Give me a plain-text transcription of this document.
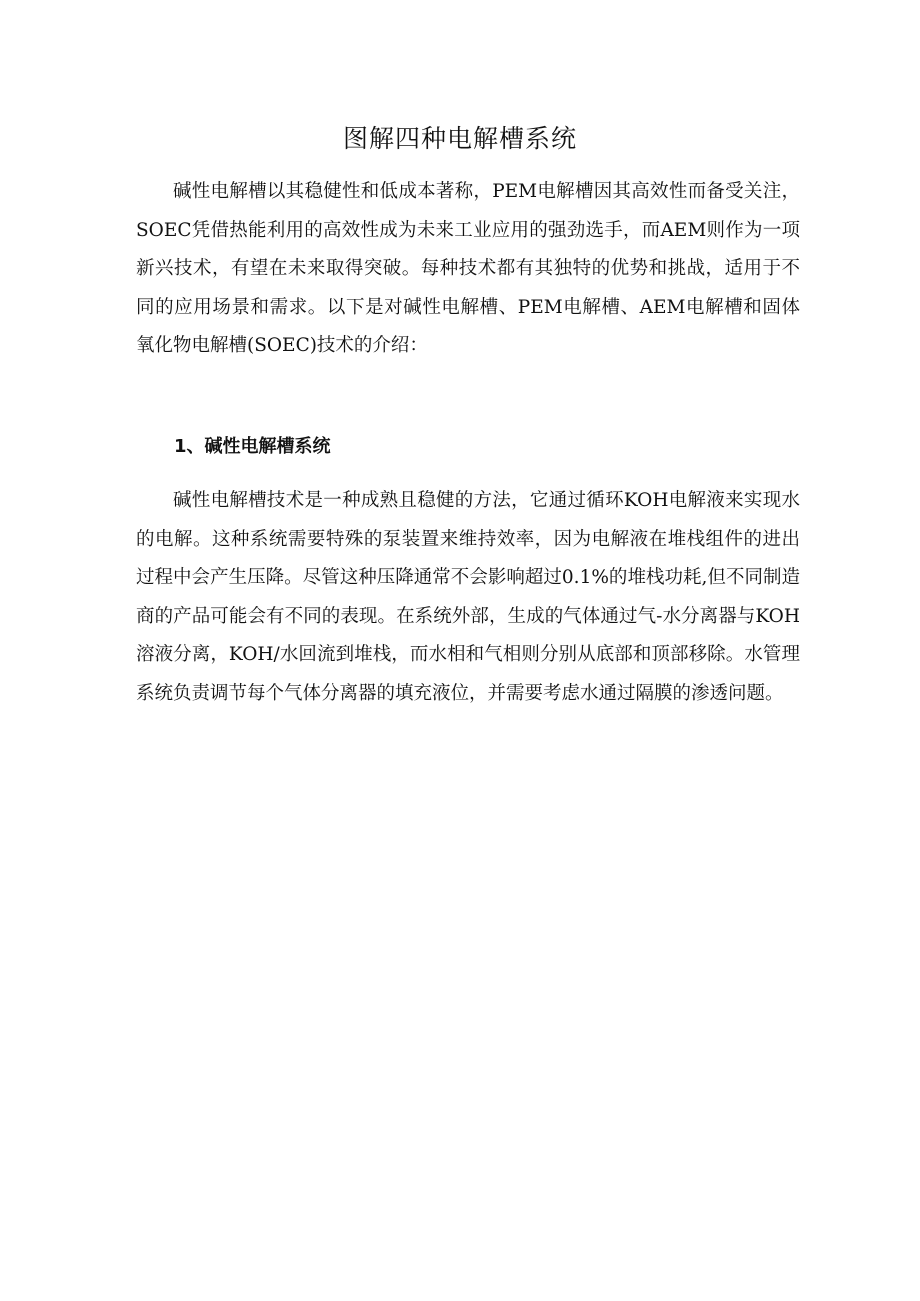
图解四种电解槽系统

碱性电解槽以其稳健性和低成本著称，PEM电解槽因其高效性而备受关注，SOEC凭借热能利用的高效性成为未来工业应用的强劲选手，而AEM则作为一项新兴技术，有望在未来取得突破。每种技术都有其独特的优势和挑战，适用于不同的应用场景和需求。以下是对碱性电解槽、PEM电解槽、AEM电解槽和固体氧化物电解槽(SOEC)技术的介绍：

1、碱性电解槽系统

碱性电解槽技术是一种成熟且稳健的方法，它通过循环KOH电解液来实现水的电解。这种系统需要特殊的泵装置来维持效率，因为电解液在堆栈组件的进出过程中会产生压降。尽管这种压降通常不会影响超过0.1%的堆栈功耗,但不同制造商的产品可能会有不同的表现。在系统外部，生成的气体通过气-水分离器与KOH溶液分离，KOH/水回流到堆栈，而水相和气相则分别从底部和顶部移除。水管理系统负责调节每个气体分离器的填充液位，并需要考虑水通过隔膜的渗透问题。
